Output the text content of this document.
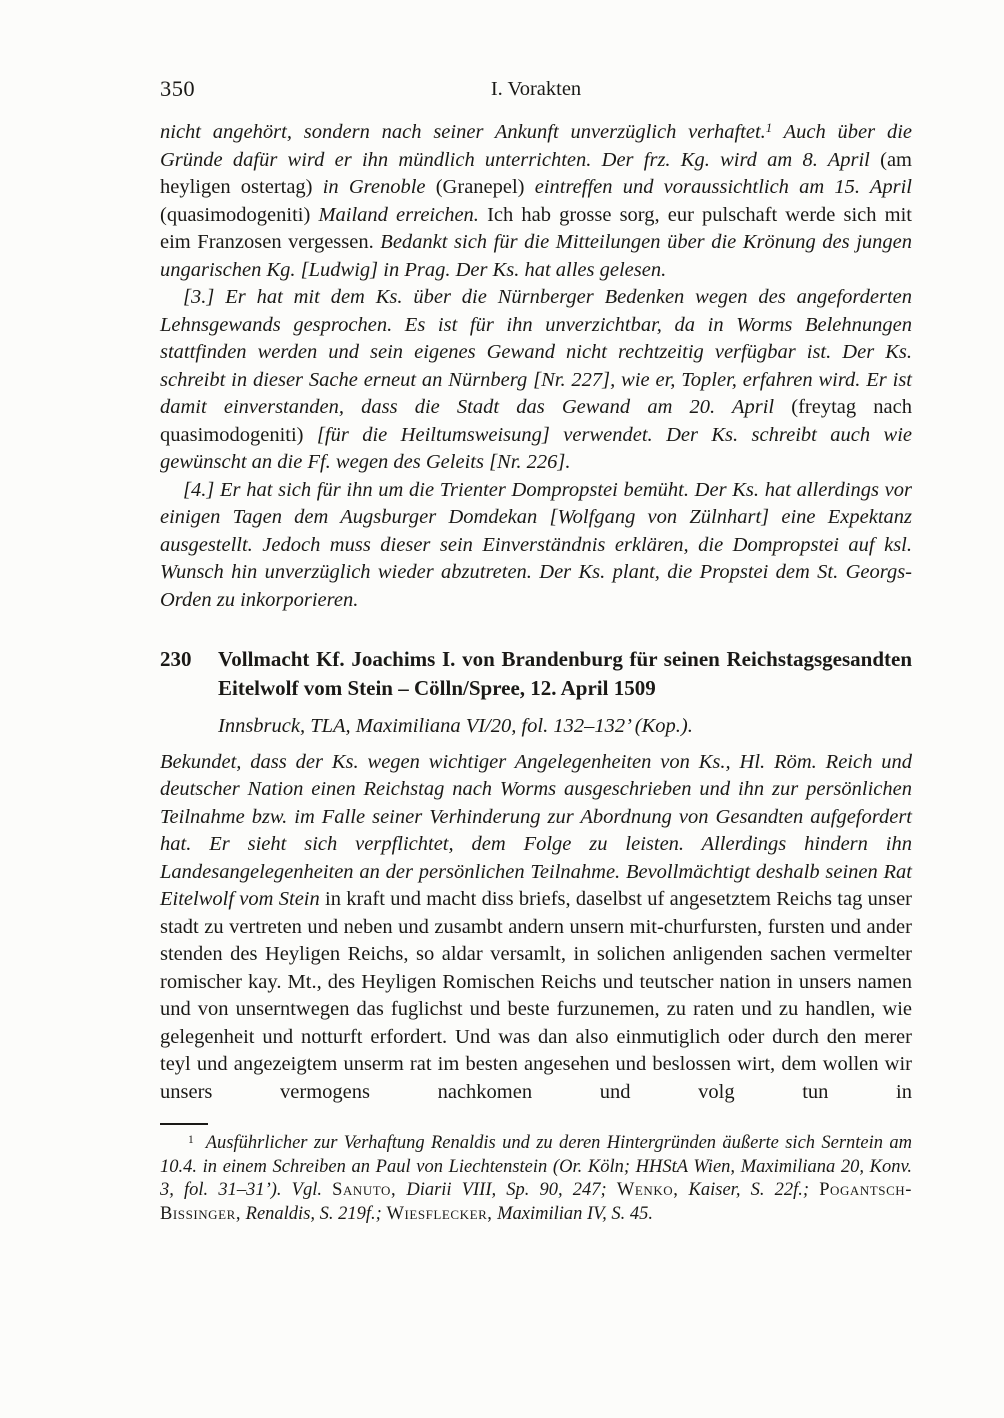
350	I. Vorakten

nicht angehört, sondern nach seiner Ankunft unverzüglich verhaftet.$^1$ Auch über die Gründe dafür wird er ihn mündlich unterrichten. Der frz. Kg. wird am 8. April (am heyligen ostertag) in Grenoble (Granepel) eintreffen und voraussichtlich am 15. April (quasimodogeniti) Mailand erreichen. Ich hab grosse sorg, eur pulschaft werde sich mit eim Franzosen vergessen. Bedankt sich für die Mitteilungen über die Krönung des jungen ungarischen Kg. [Ludwig] in Prag. Der Ks. hat alles gelesen.

[3.] Er hat mit dem Ks. über die Nürnberger Bedenken wegen des angeforderten Lehnsgewands gesprochen. Es ist für ihn unverzichtbar, da in Worms Belehnungen stattfinden werden und sein eigenes Gewand nicht rechtzeitig verfügbar ist. Der Ks. schreibt in dieser Sache erneut an Nürnberg [Nr. 227], wie er, Topler, erfahren wird. Er ist damit einverstanden, dass die Stadt das Gewand am 20. April (freytag nach quasimodogeniti) [für die Heiltumsweisung] verwendet. Der Ks. schreibt auch wie gewünscht an die Ff. wegen des Geleits [Nr. 226].

[4.] Er hat sich für ihn um die Trienter Dompropstei bemüht. Der Ks. hat allerdings vor einigen Tagen dem Augsburger Domdekan [Wolfgang von Zülnhart] eine Expektanz ausgestellt. Jedoch muss dieser sein Einverständnis erklären, die Dompropstei auf ksl. Wunsch hin unverzüglich wieder abzutreten. Der Ks. plant, die Propstei dem St. Georgs-Orden zu inkorporieren.

230	Vollmacht Kf. Joachims I. von Brandenburg für seinen Reichstagsgesandten
Eitelwolf vom Stein – Cölln/Spree, 12. April 1509
Innsbruck, TLA, Maximiliana VI/20, fol. 132–132’ (Kop.).

Bekundet, dass der Ks. wegen wichtiger Angelegenheiten von Ks., Hl. Röm. Reich und deutscher Nation einen Reichstag nach Worms ausgeschrieben und ihn zur persönlichen Teilnahme bzw. im Falle seiner Verhinderung zur Abordnung von Gesandten aufgefordert hat. Er sieht sich verpflichtet, dem Folge zu leisten. Allerdings hindern ihn Landesangelegenheiten an der persönlichen Teilnahme. Bevollmächtigt deshalb seinen Rat Eitelwolf vom Stein in kraft und macht diss briefs, daselbst uf angesetztem Reichs tag unser stadt zu vertreten und neben und zusambt andern unsern mit-churfursten, fursten und ander stenden des Heyligen Reichs, so aldar versamlt, in solichen anligenden sachen vermelter romischer kay. Mt., des Heyligen Romischen Reichs und teutscher nation in unsers namen und von unserntwegen das fuglichst und beste furzunemen, zu raten und zu handlen, wie gelegenheit und notturft erfordert. Und was dan also einmutiglich oder durch den merer teyl und angezeigtem unserm rat im besten angesehen und beslossen wirt, dem wollen wir unsers vermogens nachkomen und volg tun in

$^1$ Ausführlicher zur Verhaftung Renaldis und zu deren Hintergründen äußerte sich Serntein am 10.4. in einem Schreiben an Paul von Liechtenstein (Or. Köln; HHStA Wien, Maximiliana 20, Konv. 3, fol. 31–31’). Vgl. Sanuto, Diarii VIII, Sp. 90, 247; Wenko, Kaiser, S. 22f.; Pogantsch-Bissinger, Renaldis, S. 219f.; Wiesflecker, Maximilian IV, S. 45.
